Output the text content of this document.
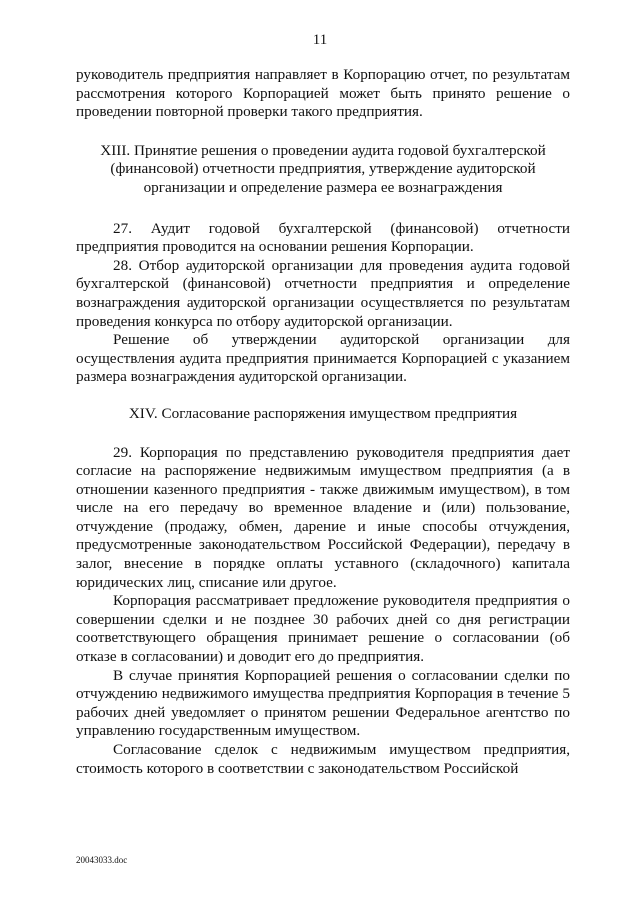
11

руководитель предприятия направляет в Корпорацию отчет, по результатам рассмотрения которого Корпорацией может быть принято решение о проведении повторной проверки такого предприятия.

XIII. Принятие решения о проведении аудита годовой бухгалтерской (финансовой) отчетности предприятия, утверждение аудиторской организации и определение размера ее вознаграждения

27. Аудит годовой бухгалтерской (финансовой) отчетности предприятия проводится на основании решения Корпорации.

28. Отбор аудиторской организации для проведения аудита годовой бухгалтерской (финансовой) отчетности предприятия и определение вознаграждения аудиторской организации осуществляется по результатам проведения конкурса по отбору аудиторской организации.

Решение об утверждении аудиторской организации для осуществления аудита предприятия принимается Корпорацией с указанием размера вознаграждения аудиторской организации.

XIV. Согласование распоряжения имуществом предприятия

29. Корпорация по представлению руководителя предприятия дает согласие на распоряжение недвижимым имуществом предприятия (а в отношении казенного предприятия - также движимым имуществом), в том числе на его передачу во временное владение и (или) пользование, отчуждение (продажу, обмен, дарение и иные способы отчуждения, предусмотренные законодательством Российской Федерации), передачу в залог, внесение в порядке оплаты уставного (складочного) капитала юридических лиц, списание или другое.

Корпорация рассматривает предложение руководителя предприятия о совершении сделки и не позднее 30 рабочих дней со дня регистрации соответствующего обращения принимает решение о согласовании (об отказе в согласовании) и доводит его до предприятия.

В случае принятия Корпорацией решения о согласовании сделки по отчуждению недвижимого имущества предприятия Корпорация в течение 5 рабочих дней уведомляет о принятом решении Федеральное агентство по управлению государственным имуществом.

Согласование сделок с недвижимым имуществом предприятия, стоимость которого в соответствии с законодательством Российской

20043033.doc
